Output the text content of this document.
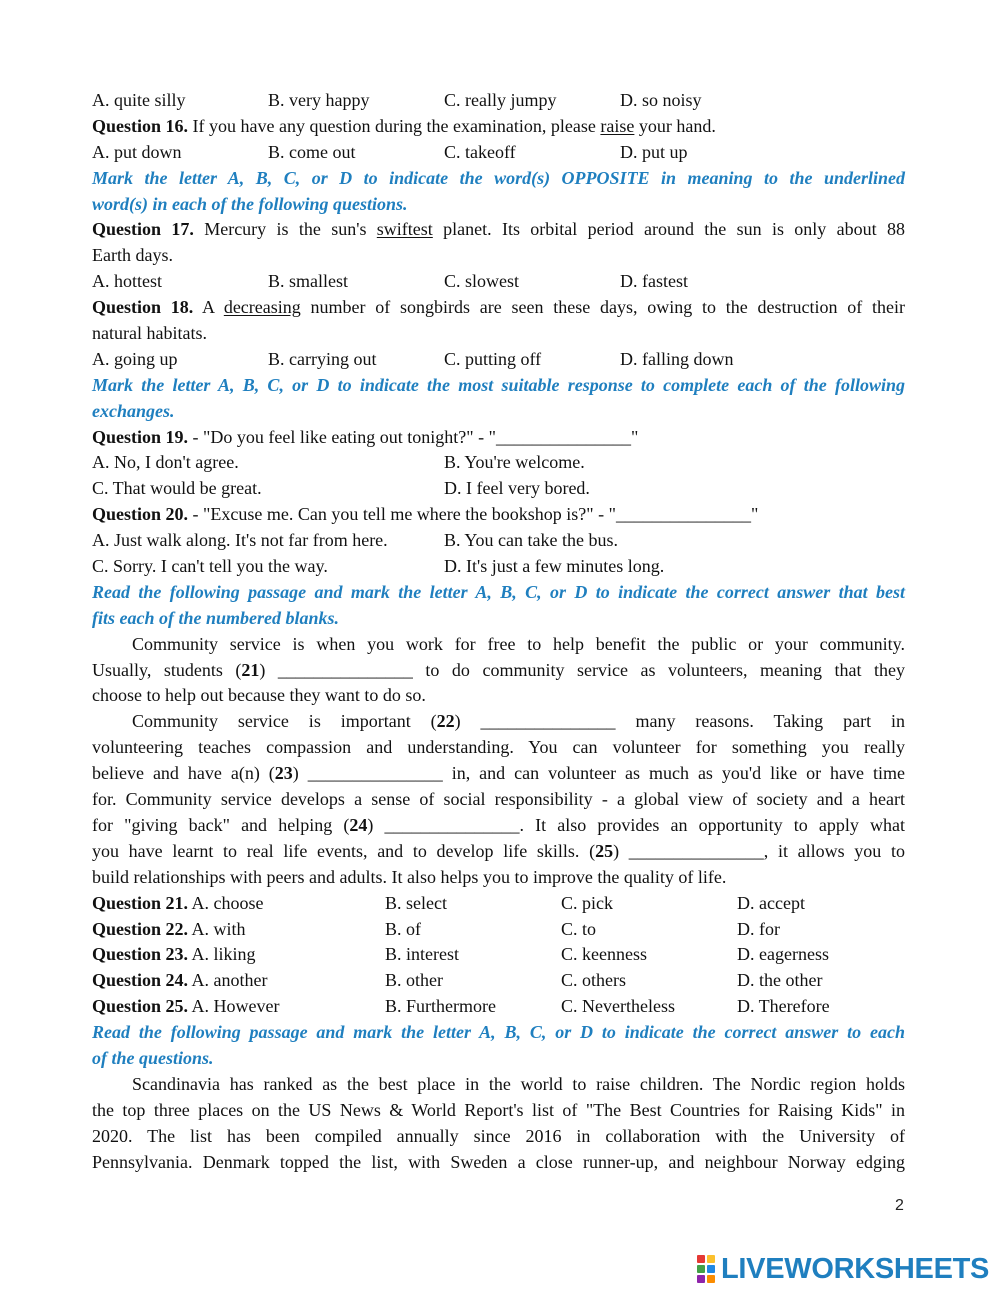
A. quite silly	B. very happy	C. really jumpy	D. so noisy
Question 16. If you have any question during the examination, please raise your hand.
A. put down	B. come out	C. takeoff	D. put up
Mark the letter A, B, C, or D to indicate the word(s) OPPOSITE in meaning to the underlined
word(s) in each of the following questions.
Question 17. Mercury is the sun's swiftest planet. Its orbital period around the sun is only about 88
Earth days.
A. hottest	B. smallest	C. slowest	D. fastest
Question 18. A decreasing number of songbirds are seen these days, owing to the destruction of their
natural habitats.
A. going up	B. carrying out	C. putting off	D. falling down
Mark the letter A, B, C, or D to indicate the most suitable response to complete each of the following
exchanges.
Question 19. - "Do you feel like eating out tonight?" - "_______________"
A. No, I don't agree.	B. You're welcome.
C. That would be great.	D. I feel very bored.
Question 20. - "Excuse me. Can you tell me where the bookshop is?" - "_______________"
A. Just walk along. It's not far from here.	B. You can take the bus.
C. Sorry. I can't tell you the way.	D. It's just a few minutes long.
Read the following passage and mark the letter A, B, C, or D to indicate the correct answer that best
fits each of the numbered blanks.
Community service is when you work for free to help benefit the public or your community.
Usually, students (21) _______________ to do community service as volunteers, meaning that they
choose to help out because they want to do so.
Community service is important (22) _______________ many reasons. Taking part in
volunteering teaches compassion and understanding. You can volunteer for something you really
believe and have a(n) (23) _______________ in, and can volunteer as much as you'd like or have time
for. Community service develops a sense of social responsibility - a global view of society and a heart
for "giving back" and helping (24) _______________. It also provides an opportunity to apply what
you have learnt to real life events, and to develop life skills. (25) _______________, it allows you to
build relationships with peers and adults. It also helps you to improve the quality of life.
Question 21. A. choose	B. select	C. pick	D. accept
Question 22. A. with	B. of	C. to	D. for
Question 23. A. liking	B. interest	C. keenness	D. eagerness
Question 24. A. another	B. other	C. others	D. the other
Question 25. A. However	B. Furthermore	C. Nevertheless	D. Therefore
Read the following passage and mark the letter A, B, C, or D to indicate the correct answer to each
of the questions.
Scandinavia has ranked as the best place in the world to raise children. The Nordic region holds
the top three places on the US News & World Report's list of "The Best Countries for Raising Kids" in
2020. The list has been compiled annually since 2016 in collaboration with the University of
Pennsylvania. Denmark topped the list, with Sweden a close runner-up, and neighbour Norway edging
2
LIVEWORKSHEETS
